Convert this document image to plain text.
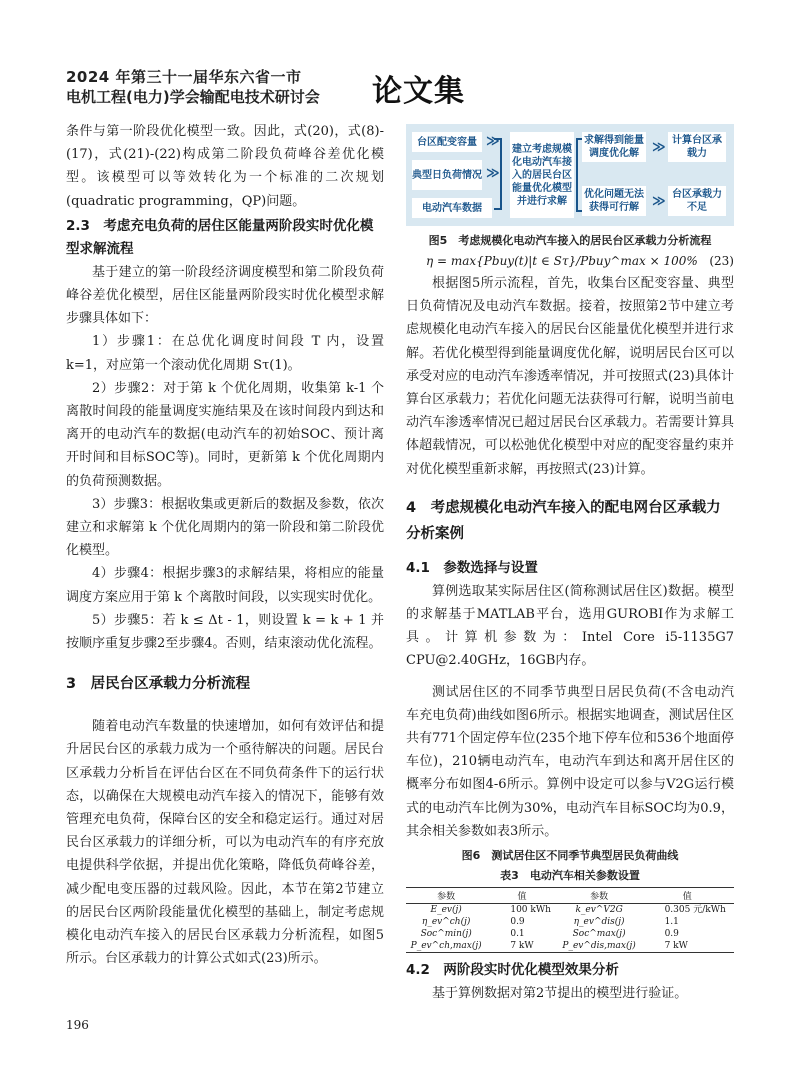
2024 年第三十一届华东六省一市
电机工程(电力)学会输配电技术研讨会 论文集

条件与第一阶段优化模型一致。因此，式(20)，式(8)-(17)，式(21)-(22)构成第二阶段负荷峰谷差优化模型。该模型可以等效转化为一个标准的二次规划(quadratic programming，QP)问题。

2.3　考虑充电负荷的居住区能量两阶段实时优化模型求解流程

基于建立的第一阶段经济调度模型和第二阶段负荷峰谷差优化模型，居住区能量两阶段实时优化模型求解步骤具体如下：

1）步骤1：在总优化调度时间段 T 内，设置 k=1，对应第一个滚动优化周期 Sτ(1)。

2）步骤2：对于第 k 个优化周期，收集第 k-1 个离散时间段的能量调度实施结果及在该时间段内到达和离开的电动汽车的数据(电动汽车的初始SOC、预计离开时间和目标SOC等)。同时，更新第 k 个优化周期内的负荷预测数据。

3）步骤3：根据收集或更新后的数据及参数，依次建立和求解第 k 个优化周期内的第一阶段和第二阶段优化模型。

4）步骤4：根据步骤3的求解结果，将相应的能量调度方案应用于第 k 个离散时间段，以实现实时优化。

5）步骤5：若 k ≤ Δt - 1，则设置 k = k + 1 并按顺序重复步骤2至步骤4。否则，结束滚动优化流程。

3　居民台区承载力分析流程

随着电动汽车数量的快速增加，如何有效评估和提升居民台区的承载力成为一个亟待解决的问题。居民台区承载力分析旨在评估台区在不同负荷条件下的运行状态，以确保在大规模电动汽车接入的情况下，能够有效管理充电负荷，保障台区的安全和稳定运行。通过对居民台区承载力的详细分析，可以为电动汽车的有序充放电提供科学依据，并提出优化策略，降低负荷峰谷差，减少配电变压器的过载风险。因此，本节在第2节建立的居民台区两阶段能量优化模型的基础上，制定考虑规模化电动汽车接入的居民台区承载力分析流程，如图5所示。台区承载力的计算公式如式(23)所示。

台区配变容量
典型日负荷情况
电动汽车数据
≫
≫
建立考虑规模化电动汽车接入的居民台区能量优化模型并进行求解
≫
≫
求解得到能量调度优化解
计算台区承载力
优化问题无法获得可行解
台区承载力不足
图5　考虑规模化电动汽车接入的居民台区承载力分析流程
η = max{Pbuy(t)|t ∈ Sτ}/Pbuy^max × 100% (23)

根据图5所示流程，首先，收集台区配变容量、典型日负荷情况及电动汽车数据。接着，按照第2节中建立考虑规模化电动汽车接入的居民台区能量优化模型并进行求解。若优化模型得到能量调度优化解，说明居民台区可以承受对应的电动汽车渗透率情况，并可按照式(23)具体计算台区承载力；若优化问题无法获得可行解，说明当前电动汽车渗透率情况已超过居民台区承载力。若需要计算具体超载情况，可以松弛优化模型中对应的配变容量约束并对优化模型重新求解，再按照式(23)计算。

4　考虑规模化电动汽车接入的配电网台区承载力分析案例
4.1　参数选择与设置

算例选取某实际居住区(简称测试居住区)数据。模型的求解基于MATLAB平台，选用GUROBI作为求解工具。计算机参数为：Intel Core i5-1135G7 CPU@2.40GHz，16GB内存。

测试居住区的不同季节典型日居民负荷(不含电动汽车充电负荷)曲线如图6所示。根据实地调查，测试居住区共有771个固定停车位(235个地下停车位和536个地面停车位)，210辆电动汽车，电动汽车到达和离开居住区的概率分布如图4-6所示。算例中设定可以参与V2G运行模式的电动汽车比例为30%，电动汽车目标SOC均为0.9，其余相关参数如表3所示。

图6　测试居住区不同季节典型居民负荷曲线
表3　电动汽车相关参数设置
参数	值	参数	值
E_ev(j)	100 kWh	k_ev^V2G	0.305 元/kWh
η_ev^ch(j)	0.9	η_ev^dis(j)	1.1
Soc^min(j)	0.1	Soc^max(j)	0.9
P_ev^ch,max(j)	7 kW	P_ev^dis,max(j)	7 kW
4.2　两阶段实时优化模型效果分析

基于算例数据对第2节提出的模型进行验证。

196
